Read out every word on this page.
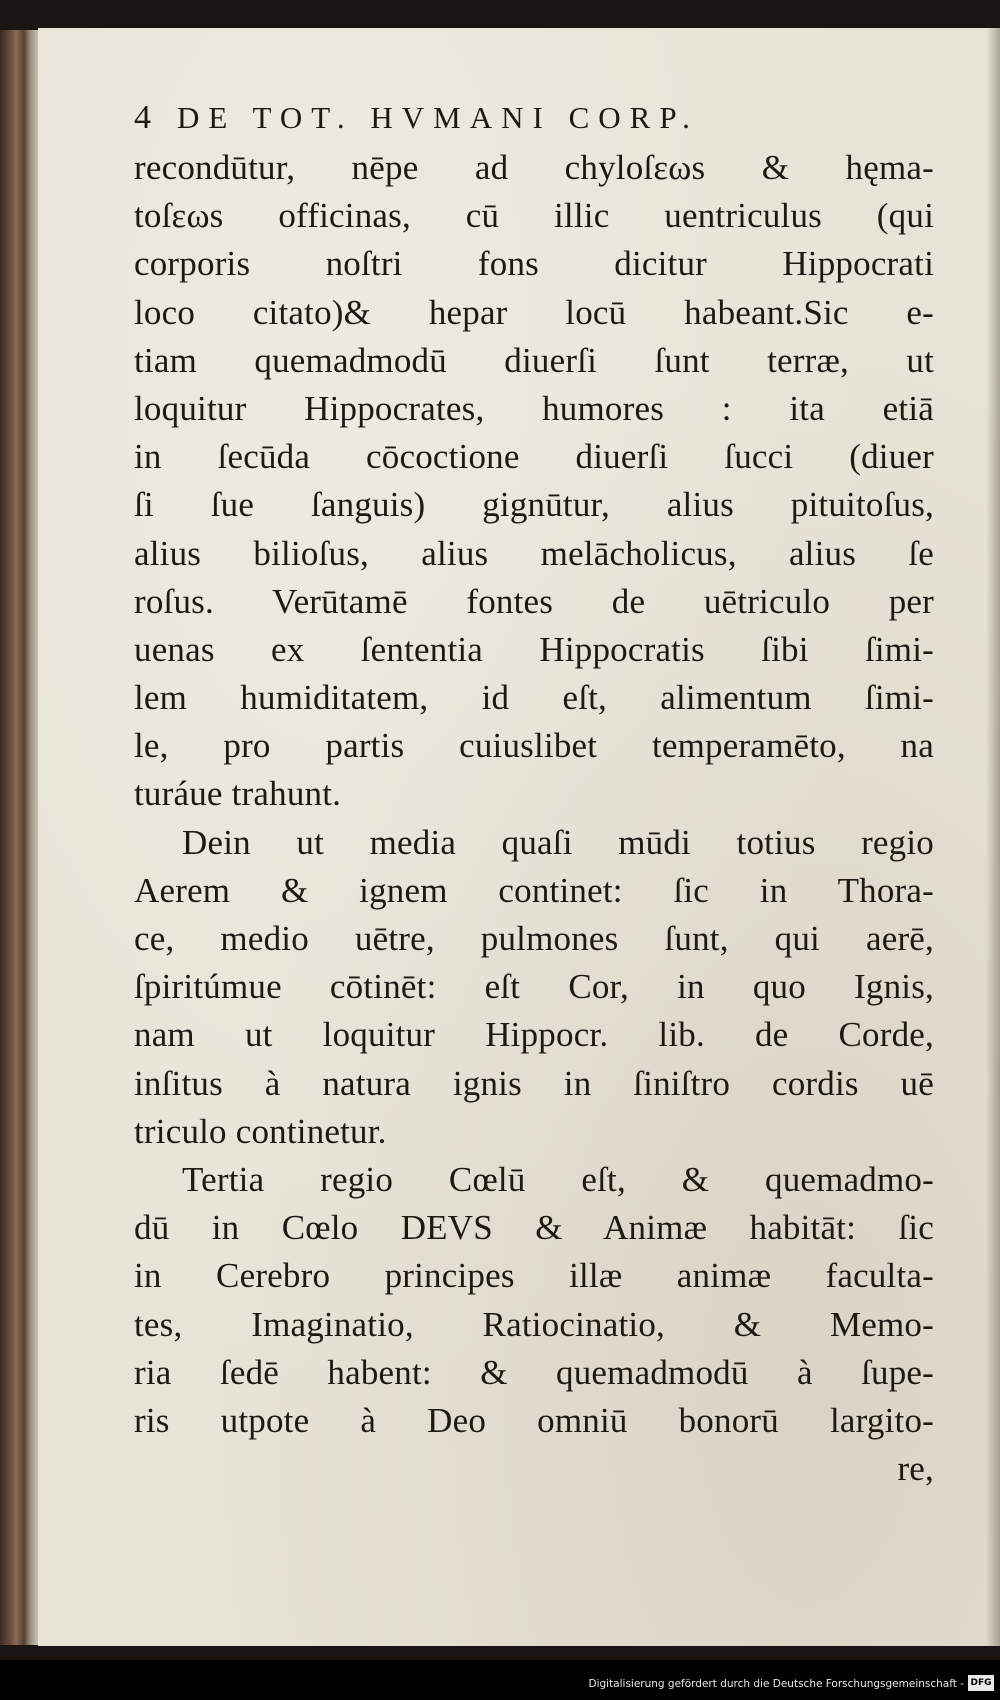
4 DE TOT. HVMANI CORP.
recondūtur, nēpe ad chyloſεωs & hęma-
toſεωs officinas, cū illic uentriculus (qui
corporis noſtri fons dicitur Hippocrati
loco citato)& hepar locū habeant.Sic e-
tiam quemadmodū diuerſi ſunt terræ, ut
loquitur Hippocrates, humores : ita etiā
in ſecūda cōcoctione diuerſi ſucci (diuer
ſi ſue ſanguis) gignūtur, alius pituitoſus,
alius bilioſus, alius melācholicus, alius ſe
roſus. Verūtamē fontes de uētriculo per
uenas ex ſententia Hippocratis ſibi ſimi-
lem humiditatem, id eſt, alimentum ſimi-
le, pro partis cuiuslibet temperamēto, na
turáue trahunt.
Dein ut media quaſi mūdi totius regio
Aerem & ignem continet: ſic in Thora-
ce, medio uētre, pulmones ſunt, qui aerē,
ſpiritúmue cōtinēt: eſt Cor, in quo Ignis,
nam ut loquitur Hippocr. lib. de Corde,
inſitus à natura ignis in ſiniſtro cordis uē
triculo continetur.
Tertia regio Cœlū eſt, & quemadmo-
dū in Cœlo DEVS & Animæ habitāt: ſic
in Cerebro principes illæ animæ faculta-
tes, Imaginatio, Ratiocinatio, & Memo-
ria ſedē habent: & quemadmodū à ſupe-
ris utpote à Deo omniū bonorū largito-
re,
Digitalisierung gefördert durch die Deutsche Forschungsgemeinschaft - DFG
